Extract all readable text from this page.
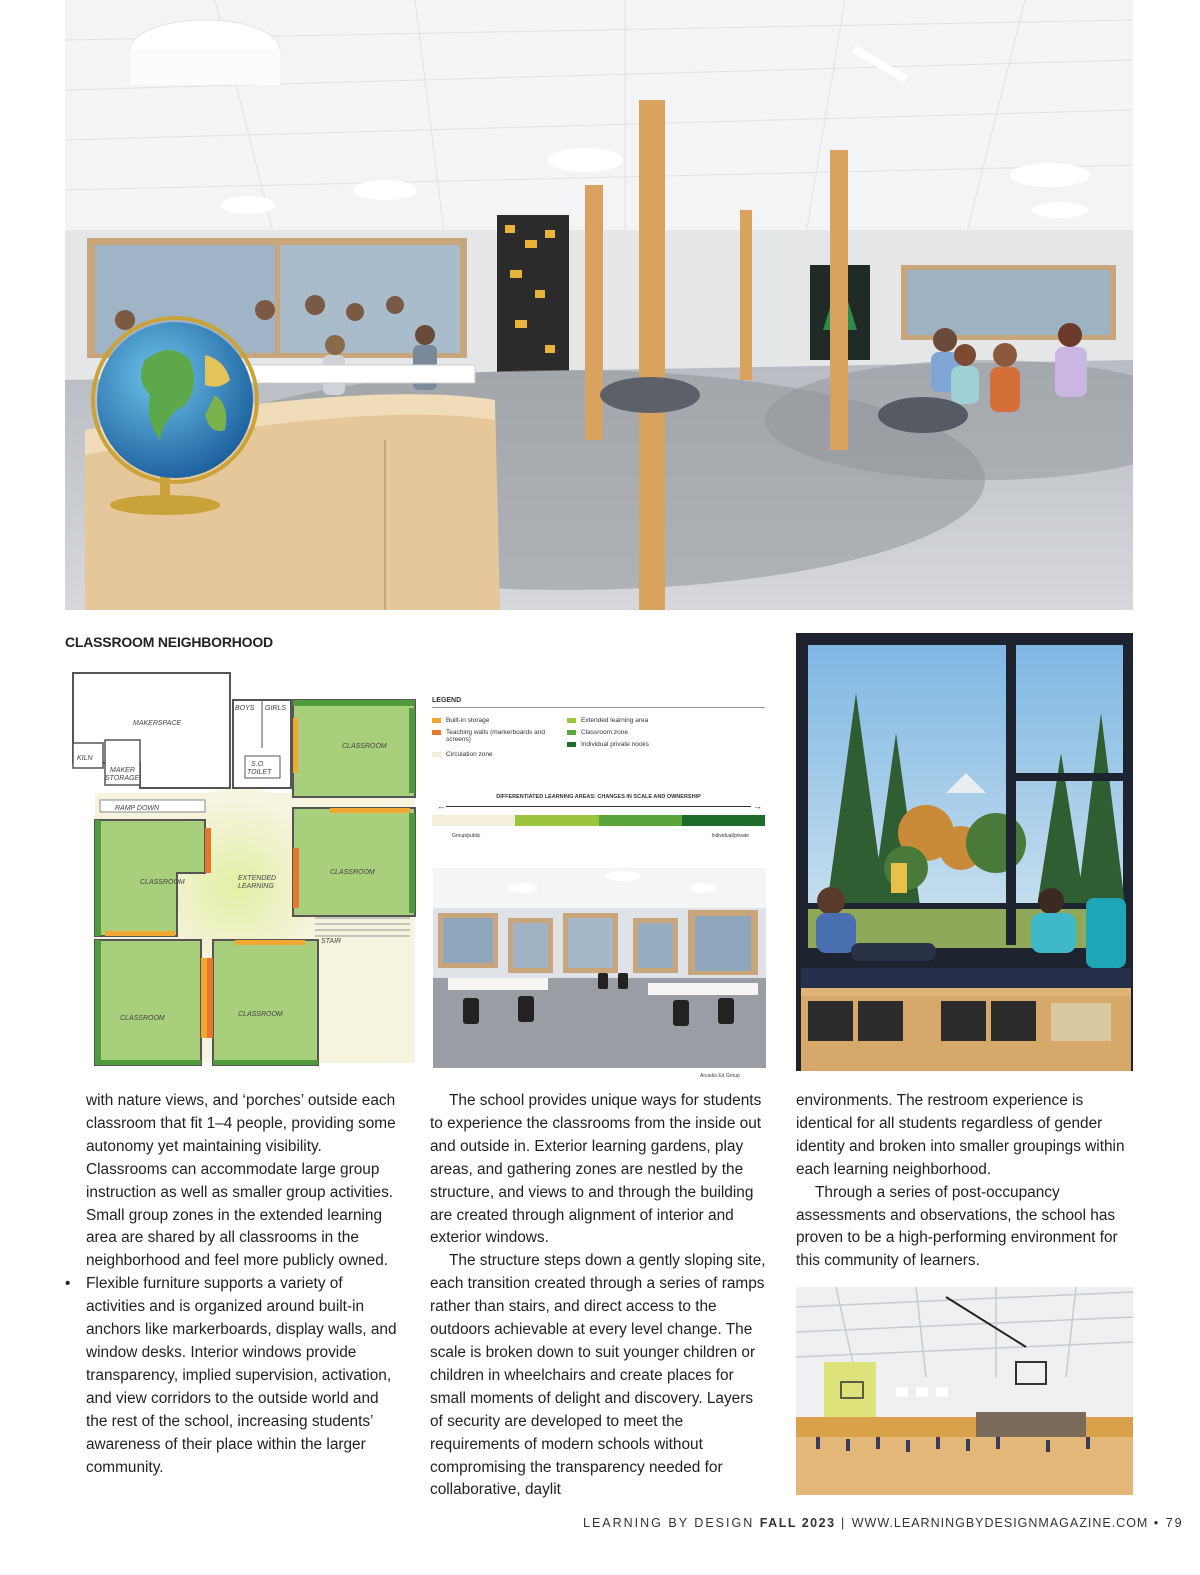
CLASSROOM NEIGHBORHOOD
MAKERSPACE
BOYS GIRLS
KILN
MAKER
STORAGE
S.O.
TOILET
RAMP DOWN
CLASSROOM
CLASSROOM
CLASSROOM
CLASSROOM
CLASSROOM
EXTENDED
LEARNING
STAIR
LEGEND
Built-in storage
Teaching walls (markerboards and screens)
Circulation zone
Extended learning area
Classroom zone
Individual private nooks
DIFFERENTIATED LEARNING AREAS: CHANGES IN SCALE AND OWNERSHIP
←	→
Group/public	Individual/private
Arcadia Ed Group

with nature views, and ‘porches’ outside each classroom that fit 1–4 people, providing some autonomy yet maintaining visibility. Classrooms can accommodate large group instruction as well as smaller group activities. Small group zones in the extended learning area are shared by all classrooms in the neighborhood and feel more publicly owned.

• Flexible furniture supports a variety of activities and is organized around built-in anchors like markerboards, display walls, and window desks. Interior windows provide transparency, implied supervision, activation, and view corridors to the outside world and the rest of the school, increasing students’ awareness of their place within the larger community.

The school provides unique ways for students to experience the classrooms from the inside out and outside in. Exterior learning gardens, play areas, and gathering zones are nestled by the structure, and views to and through the building are created through alignment of interior and exterior windows.

The structure steps down a gently sloping site, each transition created through a series of ramps rather than stairs, and direct access to the outdoors achievable at every level change. The scale is broken down to suit younger children or children in wheelchairs and create places for small moments of delight and discovery. Layers of security are developed to meet the requirements of modern schools without compromising the transparency needed for collaborative, daylit

environments. The restroom experience is identical for all students regardless of gender identity and broken into smaller groupings within each learning neighborhood.

Through a series of post-occupancy assessments and observations, the school has proven to be a high-performing environment for this community of learners.

LEARNING BY DESIGN FALL 2023 | WWW.LEARNINGBYDESIGNMAGAZINE.COM • 79
